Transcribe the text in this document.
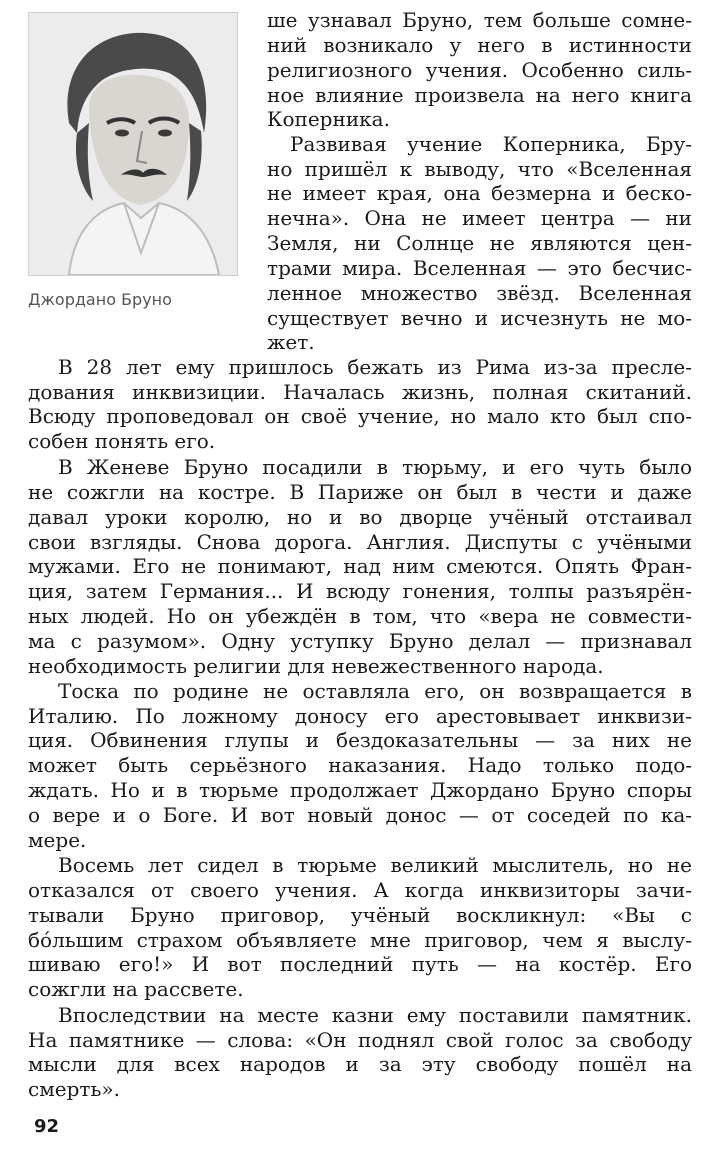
Джордано Бруно
ше узнавал Бруно, тем больше сомне-
ний возникало у него в истинности
религиозного учения. Особенно силь-
ное влияние произвела на него книга
Коперника.
Развивая учение Коперника, Бру-
но пришёл к выводу, что «Вселенная
не имеет края, она безмерна и беско-
нечна». Она не имеет центра — ни
Земля, ни Солнце не являются цен-
трами мира. Вселенная — это бесчис-
ленное множество звёзд. Вселенная
существует вечно и исчезнуть не мо-
жет.
В 28 лет ему пришлось бежать из Рима из-за пресле-
дования инквизиции. Началась жизнь, полная скитаний.
Всюду проповедовал он своё учение, но мало кто был спо-
собен понять его.
В Женеве Бруно посадили в тюрьму, и его чуть было
не сожгли на костре. В Париже он был в чести и даже
давал уроки королю, но и во дворце учёный отстаивал
свои взгляды. Снова дорога. Англия. Диспуты с учёными
мужами. Его не понимают, над ним смеются. Опять Фран-
ция, затем Германия... И всюду гонения, толпы разъярён-
ных людей. Но он убеждён в том, что «вера не совмести-
ма с разумом». Одну уступку Бруно делал — признавал
необходимость религии для невежественного народа.
Тоска по родине не оставляла его, он возвращается в
Италию. По ложному доносу его арестовывает инквизи-
ция. Обвинения глупы и бездоказательны — за них не
может быть серьёзного наказания. Надо только подо-
ждать. Но и в тюрьме продолжает Джордано Бруно споры
о вере и о Боге. И вот новый донос — от соседей по ка-
мере.
Восемь лет сидел в тюрьме великий мыслитель, но не
отказался от своего учения. А когда инквизиторы зачи-
тывали Бруно приговор, учёный воскликнул: «Вы с
бóльшим страхом объявляете мне приговор, чем я выслу-
шиваю его!» И вот последний путь — на костёр. Его
сожгли на рассвете.
Впоследствии на месте казни ему поставили памятник.
На памятнике — слова: «Он поднял свой голос за свободу
мысли для всех народов и за эту свободу пошёл на
смерть».
92
